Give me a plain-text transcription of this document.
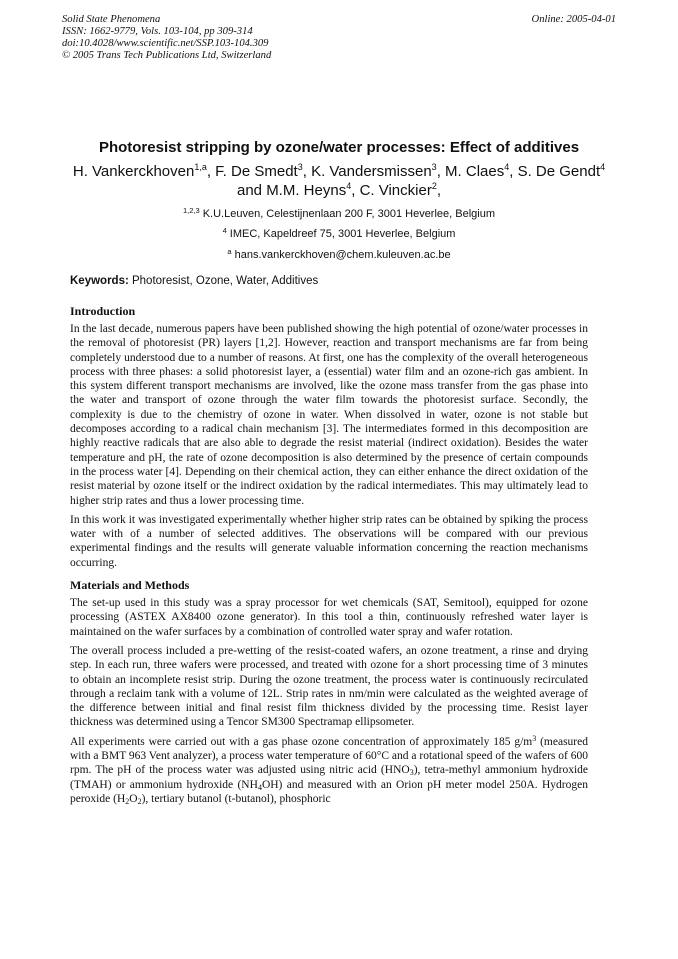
Solid State Phenomena
ISSN: 1662-9779, Vols. 103-104, pp 309-314
doi:10.4028/www.scientific.net/SSP.103-104.309
© 2005 Trans Tech Publications Ltd, Switzerland
Online: 2005-04-01
Photoresist stripping by ozone/water processes: Effect of additives
H. Vankerckhoven$^{1,a}$, F. De Smedt$^3$, K. Vandersmissen$^3$, M. Claes$^4$, S. De Gendt$^4$ and M.M. Heyns$^4$, C. Vinckier$^2$,
$^{1,2,3}$ K.U.Leuven, Celestijnenlaan 200 F, 3001 Heverlee, Belgium
$^4$ IMEC, Kapeldreef 75, 3001 Heverlee, Belgium
$^a$ hans.vankerckhoven@chem.kuleuven.ac.be
Keywords: Photoresist, Ozone, Water, Additives
Introduction

In the last decade, numerous papers have been published showing the high potential of ozone/water processes in the removal of photoresist (PR) layers [1,2]. However, reaction and transport mechanisms are far from being completely understood due to a number of reasons. At first, one has the complexity of the overall heterogeneous process with three phases: a solid photoresist layer, a (essential) water film and an ozone-rich gas ambient. In this system different transport mechanisms are involved, like the ozone mass transfer from the gas phase into the water and transport of ozone through the water film towards the photoresist surface. Secondly, the complexity is due to the chemistry of ozone in water. When dissolved in water, ozone is not stable but decomposes according to a radical chain mechanism [3]. The intermediates formed in this decomposition are highly reactive radicals that are also able to degrade the resist material (indirect oxidation). Besides the water temperature and pH, the rate of ozone decomposition is also determined by the presence of certain compounds in the process water [4]. Depending on their chemical action, they can either enhance the direct oxidation of the resist material by ozone itself or the indirect oxidation by the radical intermediates. This may ultimately lead to higher strip rates and thus a lower processing time.

In this work it was investigated experimentally whether higher strip rates can be obtained by spiking the process water with of a number of selected additives. The observations will be compared with our previous experimental findings and the results will generate valuable information concerning the reaction mechanisms occurring.

Materials and Methods

The set-up used in this study was a spray processor for wet chemicals (SAT, Semitool), equipped for ozone processing (ASTEX AX8400 ozone generator). In this tool a thin, continuously refreshed water layer is maintained on the wafer surfaces by a combination of controlled water spray and wafer rotation.

The overall process included a pre-wetting of the resist-coated wafers, an ozone treatment, a rinse and drying step. In each run, three wafers were processed, and treated with ozone for a short processing time of 3 minutes to obtain an incomplete resist strip. During the ozone treatment, the process water is continuously recirculated through a reclaim tank with a volume of 12L. Strip rates in nm/min were calculated as the weighted average of the difference between initial and final resist film thickness divided by the processing time. Resist layer thickness was determined using a Tencor SM300 Spectramap ellipsometer.

All experiments were carried out with a gas phase ozone concentration of approximately 185 $g/m^3$ (measured with a BMT 963 Vent analyzer), a process water temperature of 60°C and a rotational speed of the wafers of 600 rpm. The pH of the process water was adjusted using nitric acid $(HNO_3)$, tetra-methyl ammonium hydroxide (TMAH) or ammonium hydroxide $(NH_4OH)$ and measured with an Orion pH meter model 250A. Hydrogen peroxide $(H_2O_2)$, tertiary butanol (t-butanol), phosphoric
